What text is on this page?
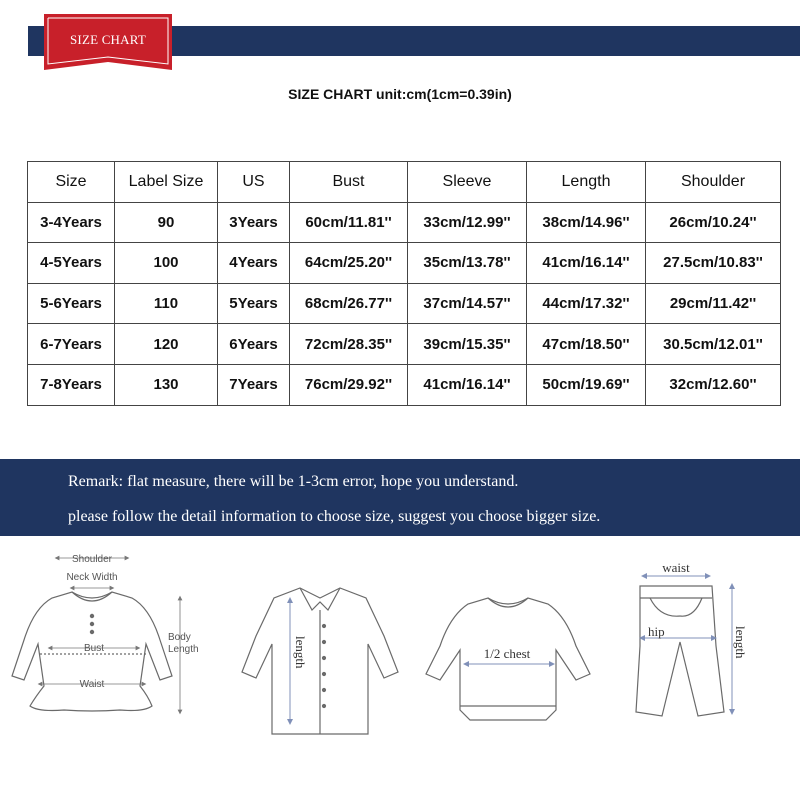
SIZE CHART
SIZE CHART unit:cm(1cm=0.39in)
Size	Label Size	US	Bust	Sleeve	Length	Shoulder
3-4Years	90	3Years	60cm/11.81''	33cm/12.99''	38cm/14.96''	26cm/10.24''
4-5Years	100	4Years	64cm/25.20''	35cm/13.78''	41cm/16.14''	27.5cm/10.83''
5-6Years	110	5Years	68cm/26.77''	37cm/14.57''	44cm/17.32''	29cm/11.42''
6-7Years	120	6Years	72cm/28.35''	39cm/15.35''	47cm/18.50''	30.5cm/12.01''
7-8Years	130	7Years	76cm/29.92''	41cm/16.14''	50cm/19.69''	32cm/12.60''
Remark: flat measure, there will be 1-3cm error, hope you understand.
please follow the detail information to choose size, suggest you choose bigger size.
Shoulder
Neck Width
Bust
Waist
Body
Length	length	1/2 chest
waist
hip	length
